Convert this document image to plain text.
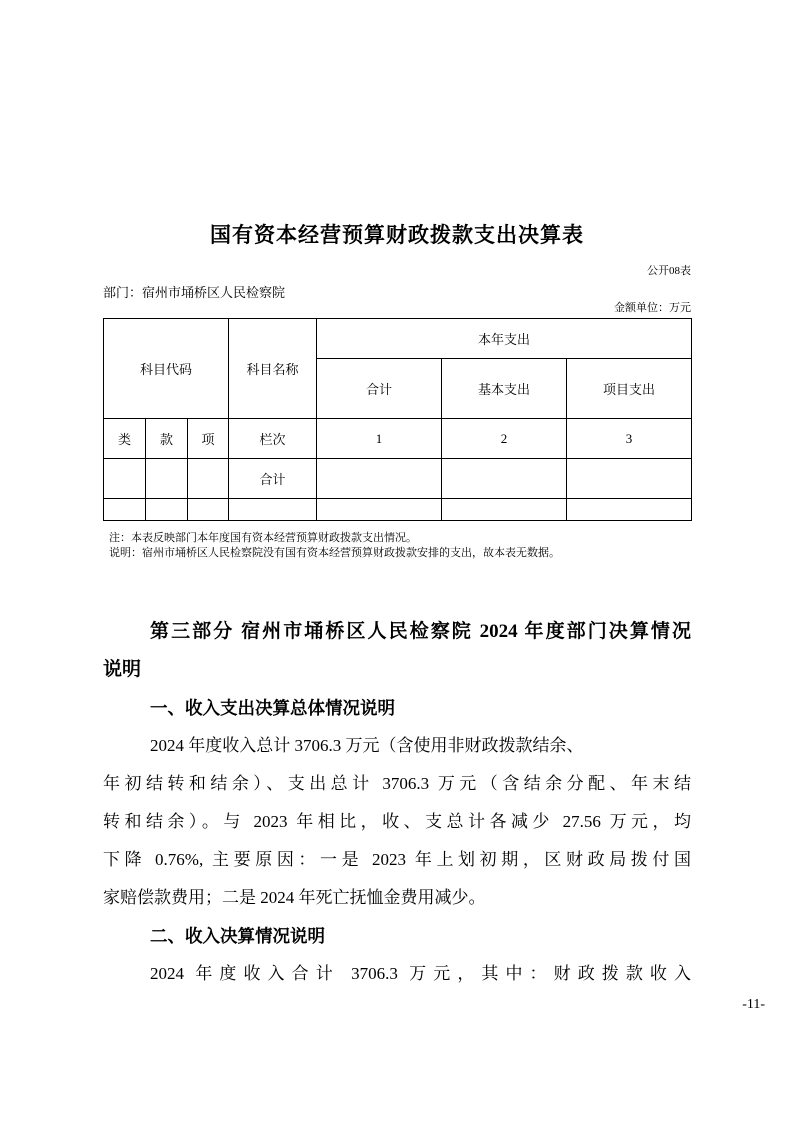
国有资本经营预算财政拨款支出决算表
公开08表
部门：宿州市埇桥区人民检察院
金额单位：万元
科目代码			科目名称	本年支出		
				合计	基本支出	项目支出
类	款	项	栏次	1	2	3
			合计			

注：本表反映部门本年度国有资本经营预算财政拨款支出情况。
说明：宿州市埇桥区人民检察院没有国有资本经营预算财政拨款安排的支出，故本表无数据。
第三部分 宿州市埇桥区人民检察院 2024 年度部门决算情况
说明
一、收入支出决算总体情况说明
2024 年度收入总计 3706.3 万元（含使用非财政拨款结余、
年初结转和结余）、支出总计 3706.3 万元（含结余分配、年末结
转和结余）。与 2023 年相比，收、支总计各减少 27.56 万元，均
下降 0.76%, 主要原因：一是 2023 年上划初期，区财政局拨付国
家赔偿款费用；二是 2024 年死亡抚恤金费用减少。
二、收入决算情况说明
2024 年度收入合计 3706.3 万元，其中：财政拨款收入
-11-
